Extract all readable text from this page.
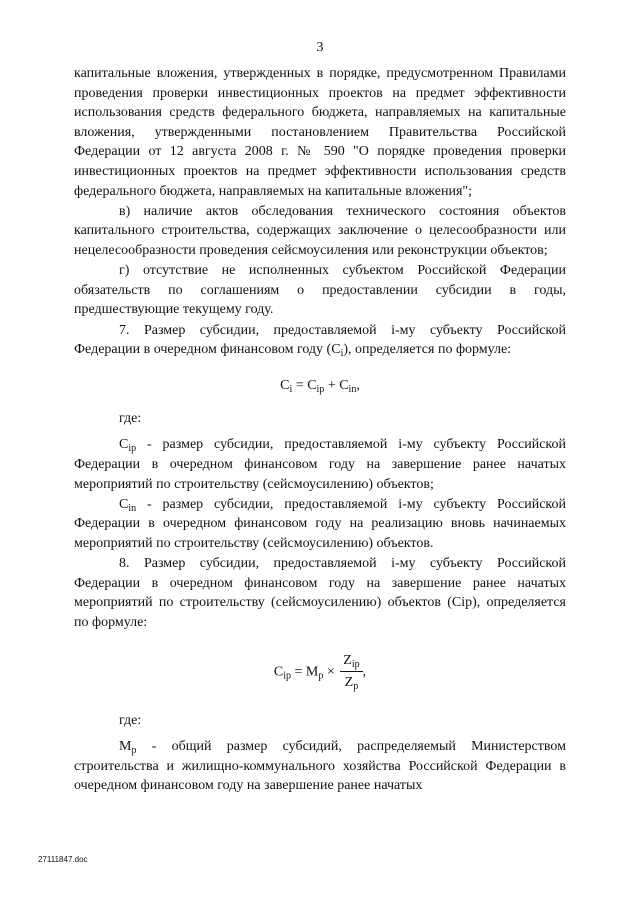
3

капитальные вложения, утвержденных в порядке, предусмотренном Правилами проведения проверки инвестиционных проектов на предмет эффективности использования средств федерального бюджета, направляемых на капитальные вложения, утвержденными постановлением Правительства Российской Федерации от 12 августа 2008 г. № 590 "О порядке проведения проверки инвестиционных проектов на предмет эффективности использования средств федерального бюджета, направляемых на капитальные вложения";

в) наличие актов обследования технического состояния объектов капитального строительства, содержащих заключение о целесообразности или нецелесообразности проведения сейсмоусиления или реконструкции объектов;

г) отсутствие не исполненных субъектом Российской Федерации обязательств по соглашениям о предоставлении субсидии в годы, предшествующие текущему году.

7. Размер субсидии, предоставляемой i-му субъекту Российской Федерации в очередном финансовом году $(C_i)$, определяется по формуле:

$C_i = C_{ip} + C_{in}$,

где:

$C_{ip}$ - размер субсидии, предоставляемой i-му субъекту Российской Федерации в очередном финансовом году на завершение ранее начатых мероприятий по строительству (сейсмоусилению) объектов;

$C_{in}$ - размер субсидии, предоставляемой i-му субъекту Российской Федерации в очередном финансовом году на реализацию вновь начинаемых мероприятий по строительству (сейсмоусилению) объектов.

8. Размер субсидии, предоставляемой i-му субъекту Российской Федерации в очередном финансовом году на завершение ранее начатых мероприятий по строительству (сейсмоусилению) объектов (Cip), определяется по формуле:

$C_{ip} = M_p \times \frac{Z_{ip}}{Z_p}$ ,

где:

$M_р$ - общий размер субсидий, распределяемый Министерством строительства и жилищно-коммунального хозяйства Российской Федерации в очередном финансовом году на завершение ранее начатых

27111847.doc
